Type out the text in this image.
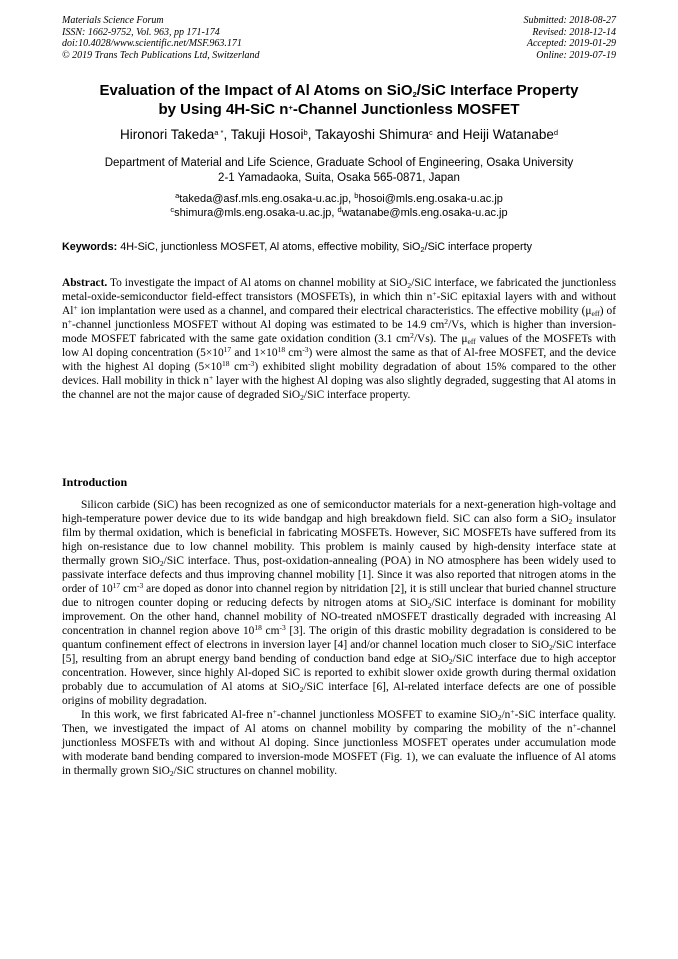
Materials Science Forum
ISSN: 1662-9752, Vol. 963, pp 171-174
doi:10.4028/www.scientific.net/MSF.963.171
© 2019 Trans Tech Publications Ltd, Switzerland
Submitted: 2018-08-27
Revised: 2018-12-14
Accepted: 2019-01-29
Online: 2019-07-19
Evaluation of the Impact of Al Atoms on SiO$_2$/SiC Interface Property
by Using 4H-SiC n+-Channel Junctionless MOSFET
Hironori Takeda$^{a *}$, Takuji Hosoi$^b$, Takayoshi Shimura$^c$ and Heiji Watanabe$^d$
Department of Material and Life Science, Graduate School of Engineering, Osaka University
2-1 Yamadaoka, Suita, Osaka 565-0871, Japan
$^a$takeda@asf.mls.eng.osaka-u.ac.jp, $^b$hosoi@mls.eng.osaka-u.ac.jp
$^c$shimura@mls.eng.osaka-u.ac.jp, $^d$watanabe@mls.eng.osaka-u.ac.jp
Keywords: 4H-SiC, junctionless MOSFET, Al atoms, effective mobility, SiO$_2$/SiC interface property
Abstract. To investigate the impact of Al atoms on channel mobility at SiO$_2$/SiC interface, we fabricated the junctionless metal-oxide-semiconductor field-effect transistors (MOSFETs), in which thin n+-SiC epitaxial layers with and without Al+ ion implantation were used as a channel, and compared their electrical characteristics. The effective mobility $(\mu_{eff})$ of n+-channel junctionless MOSFET without Al doping was estimated to be 14.9 $cm^2/Vs$, which is higher than inversion-mode MOSFET fabricated with the same gate oxidation condition (3.1 $cm^2/Vs$). The $\mu_{eff}$ values of the MOSFETs with low Al doping concentration ($5\times 10^{17}$ and $1\times 10^{18}$ $cm^{-3}$) were almost the same as that of Al-free MOSFET, and the device with the highest Al doping ($5\times 10^{18}$ $cm^{-3}$) exhibited slight mobility degradation of about 15% compared to the other devices. Hall mobility in thick n+ layer with the highest Al doping was also slightly degraded, suggesting that Al atoms in the channel are not the major cause of degraded SiO$_2$/SiC interface property.
Introduction

Silicon carbide (SiC) has been recognized as one of semiconductor materials for a next-generation high-voltage and high-temperature power device due to its wide bandgap and high breakdown field. SiC can also form a SiO$_2$ insulator film by thermal oxidation, which is beneficial in fabricating MOSFETs. However, SiC MOSFETs have suffered from its high on-resistance due to low channel mobility. This problem is mainly caused by high-density interface state at thermally grown SiO$_2$/SiC interface. Thus, post-oxidation-annealing (POA) in NO atmosphere has been widely used to passivate interface defects and thus improving channel mobility [1]. Since it was also reported that nitrogen atoms in the order of $10^{17}$ $cm^{-3}$ are doped as donor into channel region by nitridation [2], it is still unclear that buried channel structure due to nitrogen counter doping or reducing defects by nitrogen atoms at SiO$_2$/SiC interface is dominant for mobility improvement. On the other hand, channel mobility of NO-treated nMOSFET drastically degraded with increasing Al concentration in channel region above $10^{18}$ $cm^{-3}$ [3]. The origin of this drastic mobility degradation is considered to be quantum confinement effect of electrons in inversion layer [4] and/or channel location much closer to SiO$_2$/SiC interface [5], resulting from an abrupt energy band bending of conduction band edge at SiO$_2$/SiC interface due to high acceptor concentration. However, since highly Al-doped SiC is reported to exhibit slower oxide growth during thermal oxidation probably due to accumulation of Al atoms at SiO$_2$/SiC interface [6], Al-related interface defects are one of possible origins of mobility degradation.

In this work, we first fabricated Al-free n+-channel junctionless MOSFET to examine SiO$_2$/n+-SiC interface quality. Then, we investigated the impact of Al atoms on channel mobility by comparing the mobility of the n+-channel junctionless MOSFETs with and without Al doping. Since junctionless MOSFET operates under accumulation mode with moderate band bending compared to inversion-mode MOSFET (Fig. 1), we can evaluate the influence of Al atoms in thermally grown SiO$_2$/SiC structures on channel mobility.
